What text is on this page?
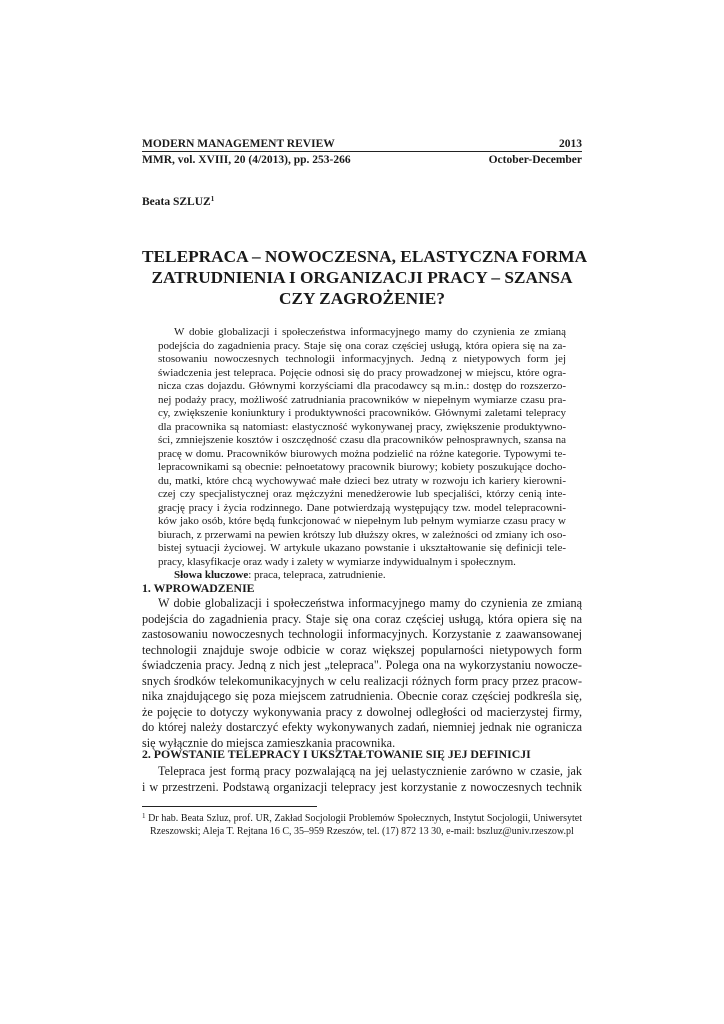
MODERN MANAGEMENT REVIEW	2013
MMR, vol. XVIII, 20 (4/2013), pp. 253-266	October-December
Beata SZLUZ$^1$
TELEPRACA – NOWOCZESNA, ELASTYCZNA FORMA
ZATRUDNIENIA I ORGANIZACJI PRACY – SZANSA
CZY ZAGROŻENIE?
W dobie globalizacji i społeczeństwa informacyjnego mamy do czynienia ze zmianą
podejścia do zagadnienia pracy. Staje się ona coraz częściej usługą, która opiera się na za-
stosowaniu nowoczesnych technologii informacyjnych. Jedną z nietypowych form jej
świadczenia jest telepraca. Pojęcie odnosi się do pracy prowadzonej w miejscu, które ogra-
nicza czas dojazdu. Głównymi korzyściami dla pracodawcy są m.in.: dostęp do rozszerzo-
nej podaży pracy, możliwość zatrudniania pracowników w niepełnym wymiarze czasu pra-
cy, zwiększenie koniunktury i produktywności pracowników. Głównymi zaletami telepracy
dla pracownika są natomiast: elastyczność wykonywanej pracy, zwiększenie produktywno-
ści, zmniejszenie kosztów i oszczędność czasu dla pracowników pełnosprawnych, szansa na
pracę w domu. Pracowników biurowych można podzielić na różne kategorie. Typowymi te-
lepracownikami są obecnie: pełnoetatowy pracownik biurowy; kobiety poszukujące docho-
du, matki, które chcą wychowywać małe dzieci bez utraty w rozwoju ich kariery kierowni-
czej czy specjalistycznej oraz mężczyźni menedżerowie lub specjaliści, którzy cenią inte-
grację pracy i życia rodzinnego. Dane potwierdzają występujący tzw. model telepracowni-
ków jako osób, które będą funkcjonować w niepełnym lub pełnym wymiarze czasu pracy w
biurach, z przerwami na pewien krótszy lub dłuższy okres, w zależności od zmiany ich oso-
bistej sytuacji życiowej. W artykule ukazano powstanie i ukształtowanie się definicji tele-
pracy, klasyfikacje oraz wady i zalety w wymiarze indywidualnym i społecznym.
Słowa kluczowe: praca, telepraca, zatrudnienie.
1. WPROWADZENIE
W dobie globalizacji i społeczeństwa informacyjnego mamy do czynienia ze zmianą
podejścia do zagadnienia pracy. Staje się ona coraz częściej usługą, która opiera się na
zastosowaniu nowoczesnych technologii informacyjnych. Korzystanie z zaawansowanej
technologii znajduje swoje odbicie w coraz większej popularności nietypowych form
świadczenia pracy. Jedną z nich jest „telepraca". Polega ona na wykorzystaniu nowocze-
snych środków telekomunikacyjnych w celu realizacji różnych form pracy przez pracow-
nika znajdującego się poza miejscem zatrudnienia. Obecnie coraz częściej podkreśla się,
że pojęcie to dotyczy wykonywania pracy z dowolnej odległości od macierzystej firmy,
do której należy dostarczyć efekty wykonywanych zadań, niemniej jednak nie ogranicza
się wyłącznie do miejsca zamieszkania pracownika.
2. POWSTANIE TELEPRACY I UKSZTAŁTOWANIE SIĘ JEJ DEFINICJI
Telepraca jest formą pracy pozwalającą na jej uelastycznienie zarówno w czasie, jak
i w przestrzeni. Podstawą organizacji telepracy jest korzystanie z nowoczesnych technik
$^1$ Dr hab. Beata Szluz, prof. UR, Zakład Socjologii Problemów Społecznych, Instytut Socjologii, Uniwersytet
Rzeszowski; Aleja T. Rejtana 16 C, 35–959 Rzeszów, tel. (17) 872 13 30, e-mail: bszluz@univ.rzeszow.pl
